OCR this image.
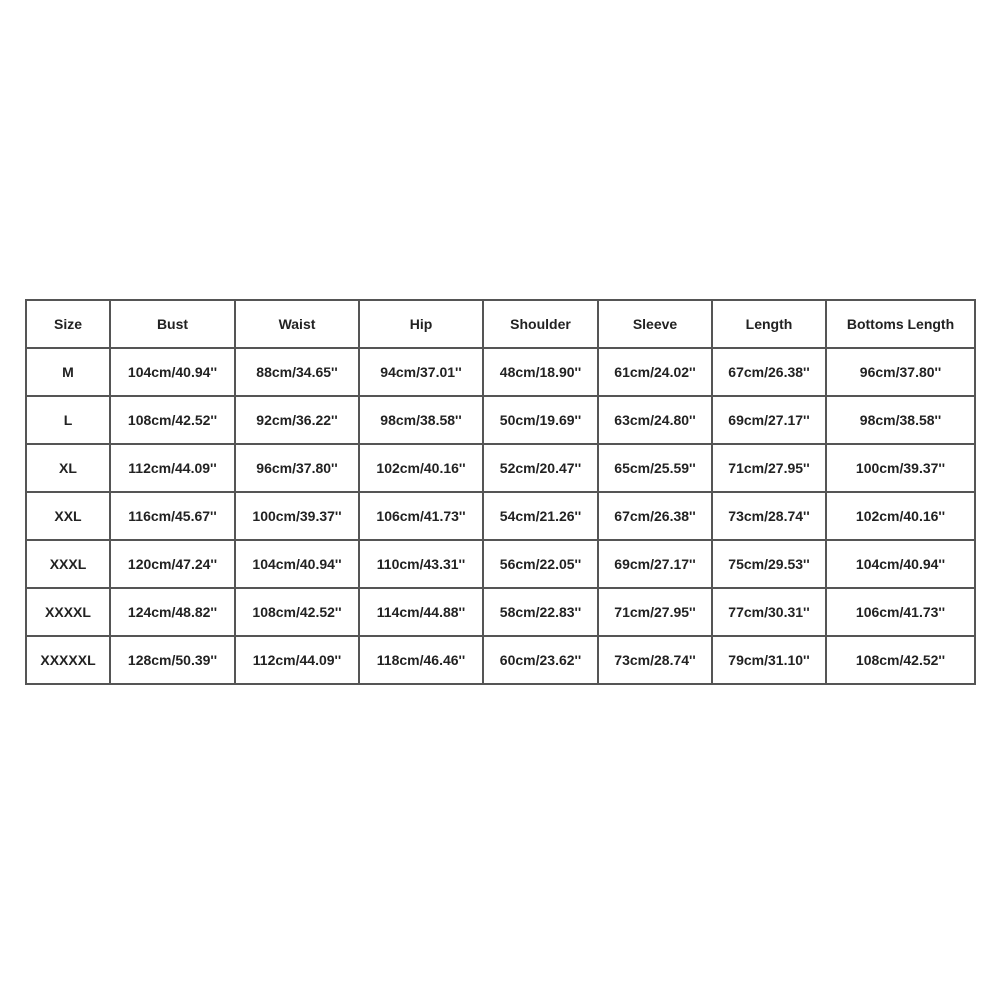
Size	Bust	Waist	Hip	Shoulder	Sleeve	Length	Bottoms Length
M	104cm/40.94''	88cm/34.65''	94cm/37.01''	48cm/18.90''	61cm/24.02''	67cm/26.38''	96cm/37.80''
L	108cm/42.52''	92cm/36.22''	98cm/38.58''	50cm/19.69''	63cm/24.80''	69cm/27.17''	98cm/38.58''
XL	112cm/44.09''	96cm/37.80''	102cm/40.16''	52cm/20.47''	65cm/25.59''	71cm/27.95''	100cm/39.37''
XXL	116cm/45.67''	100cm/39.37''	106cm/41.73''	54cm/21.26''	67cm/26.38''	73cm/28.74''	102cm/40.16''
XXXL	120cm/47.24''	104cm/40.94''	110cm/43.31''	56cm/22.05''	69cm/27.17''	75cm/29.53''	104cm/40.94''
XXXXL	124cm/48.82''	108cm/42.52''	114cm/44.88''	58cm/22.83''	71cm/27.95''	77cm/30.31''	106cm/41.73''
XXXXXL	128cm/50.39''	112cm/44.09''	118cm/46.46''	60cm/23.62''	73cm/28.74''	79cm/31.10''	108cm/42.52''
